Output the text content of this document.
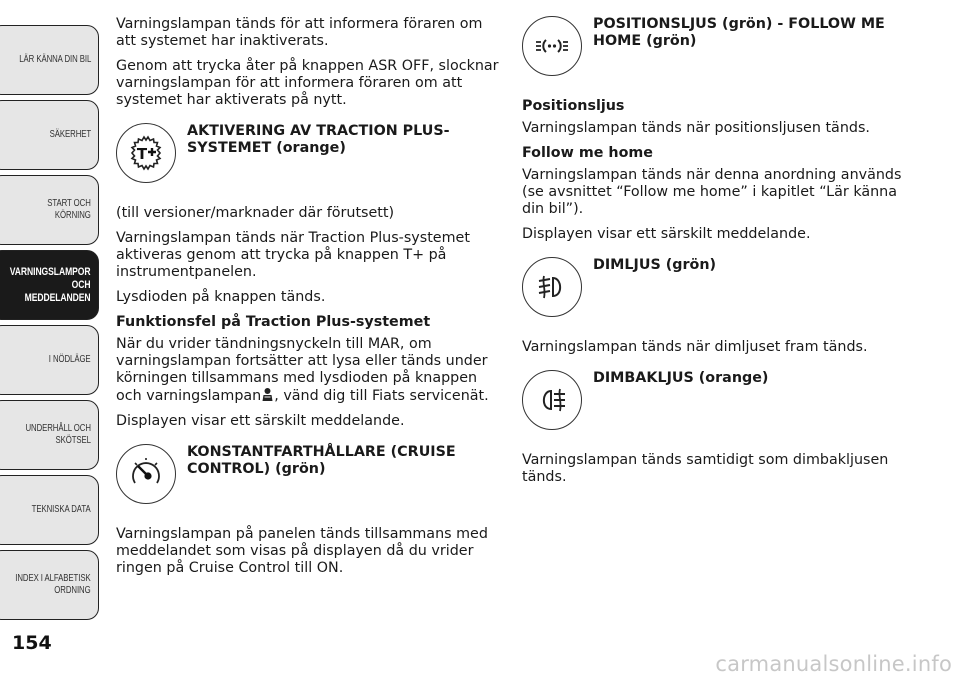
LÄR KÄNNA DIN BIL
SÄKERHET
START OCH
KÖRNING
VARNINGSLAMPOR
OCH
MEDDELANDEN
I NÖDLÄGE
UNDERHÅLL OCH
SKÖTSEL
TEKNISKA DATA
INDEX I ALFABETISK
ORDNING
154

Varningslampan tänds för att informera föraren om att systemet har inaktiverats.

Genom att trycka åter på knappen ASR OFF, slocknar varningslampan för att informera föraren om att systemet har aktiverats på nytt.

T
AKTIVERING AV TRACTION PLUS-SYSTEMET (orange)

(till versioner/marknader där förutsett)

Varningslampan tänds när Traction Plus-systemet aktiveras genom att trycka på knappen T+ på instrumentpanelen.

Lysdioden på knappen tänds.

Funktionsfel på Traction Plus-systemet

När du vrider tändningsnyckeln till MAR, om varningslampan fortsätter att lysa eller tänds under körningen tillsammans med lysdioden på knappen och varningslampan , vänd dig till Fiats servicenät.

Displayen visar ett särskilt meddelande.

KONSTANTFARTHÅLLARE (CRUISE CONTROL) (grön)

Varningslampan på panelen tänds tillsammans med meddelandet som visas på displayen då du vrider ringen på Cruise Control till ON.

POSITIONSLJUS (grön) - FOLLOW ME HOME (grön)
Positionsljus

Varningslampan tänds när positionsljusen tänds.

Follow me home

Varningslampan tänds när denna anordning används (se avsnittet “Follow me home” i kapitlet “Lär känna din bil”).

Displayen visar ett särskilt meddelande.

DIMLJUS (grön)

Varningslampan tänds när dimljuset fram tänds.

DIMBAKLJUS (orange)

Varningslampan tänds samtidigt som dimbakljusen tänds.

carmanualsonline.info
